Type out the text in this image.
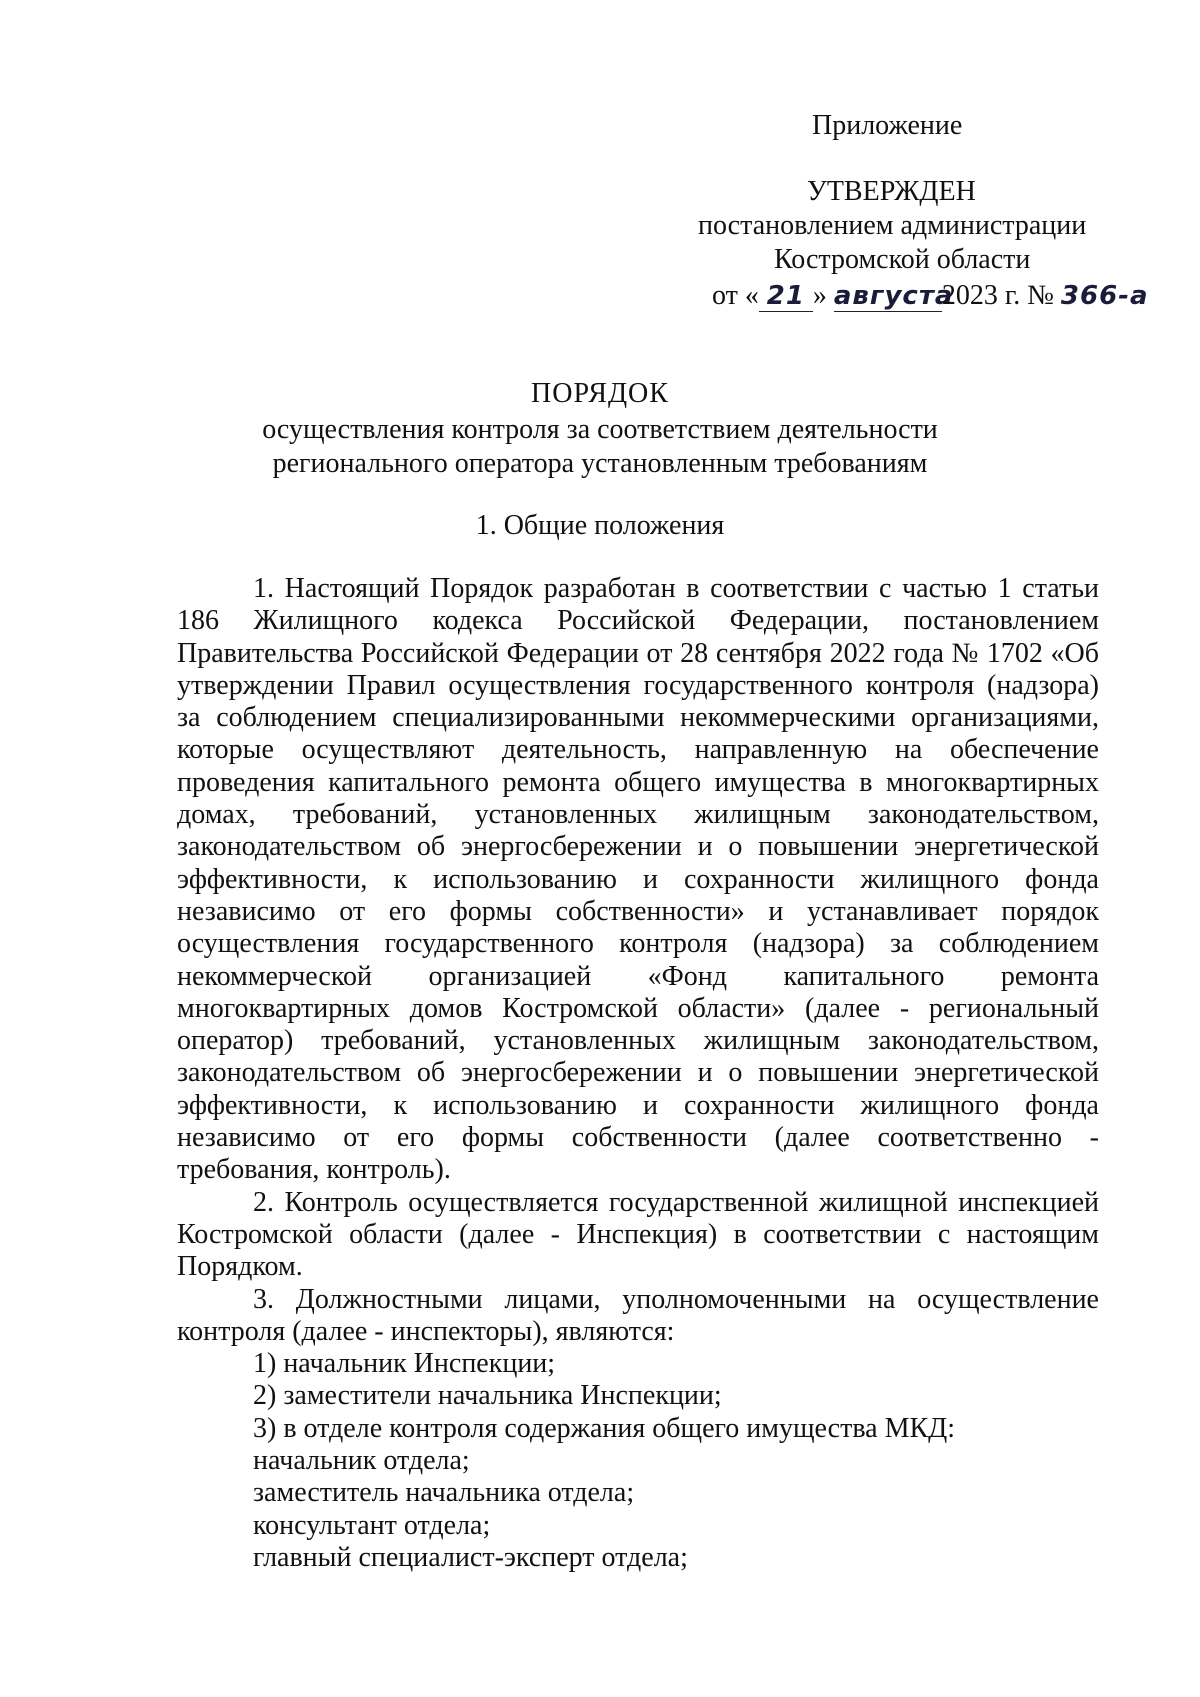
Приложение
УТВЕРЖДЕН
постановлением администрации
Костромской области
от « 21 » августа2023 г. № 366-а
ПОРЯДОК
осуществления контроля за соответствием деятельности
регионального оператора установленным требованиям
1. Общие положения

1. Настоящий Порядок разработан в соответствии с частью 1 статьи 186 Жилищного кодекса Российской Федерации, постановлением Правительства Российской Федерации от 28 сентября 2022 года № 1702 «Об утверждении Правил осуществления государственного контроля (надзора) за соблюдением специализированными некоммерческими организациями, которые осуществляют деятельность, направленную на обеспечение проведения капитального ремонта общего имущества в многоквартирных домах, требований, установленных жилищным законодательством, законодательством об энергосбережении и о повышении энергетической эффективности, к использованию и сохранности жилищного фонда независимо от его формы собственности» и устанавливает порядок осуществления государственного контроля (надзора) за соблюдением некоммерческой организацией «Фонд капитального ремонта многоквартирных домов Костромской области» (далее - региональный оператор) требований, установленных жилищным законодательством, законодательством об энергосбережении и о повышении энергетической эффективности, к использованию и сохранности жилищного фонда независимо от его формы собственности (далее соответственно - требования, контроль).

2. Контроль осуществляется государственной жилищной инспекцией Костромской области (далее - Инспекция) в соответствии с настоящим Порядком.

3. Должностными лицами, уполномоченными на осуществление контроля (далее - инспекторы), являются:

1) начальник Инспекции;

2) заместители начальника Инспекции;

3) в отделе контроля содержания общего имущества МКД:

начальник отдела;

заместитель начальника отдела;

консультант отдела;

главный специалист-эксперт отдела;
